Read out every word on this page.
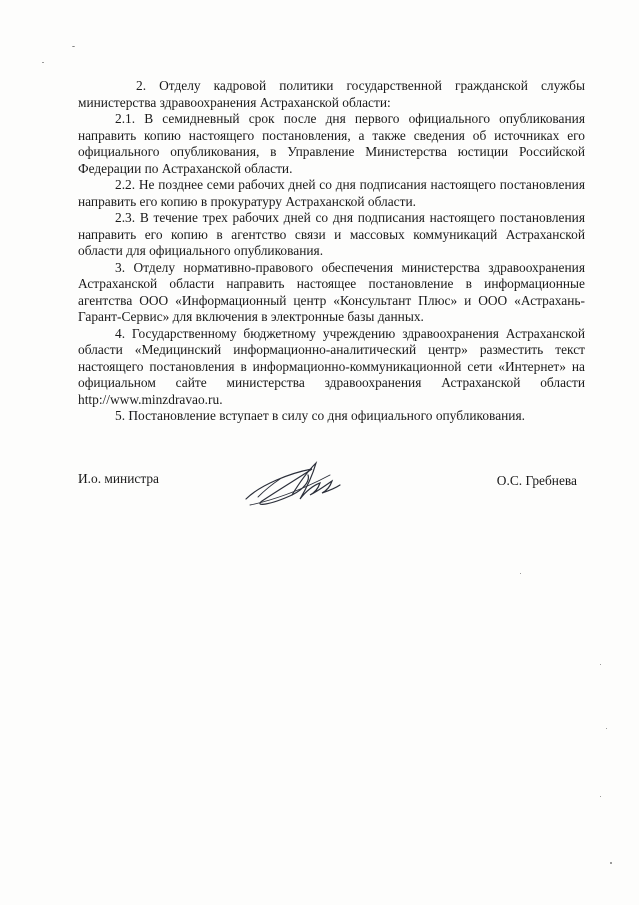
2. Отделу кадровой политики государственной гражданской службы министерства здравоохранения Астраханской области:

2.1. В семидневный срок после дня первого официального опубликования направить копию настоящего постановления, а также сведения об источниках его официального опубликования, в Управление Министерства юстиции Российской Федерации по Астраханской области.

2.2. Не позднее семи рабочих дней со дня подписания настоящего постановления направить его копию в прокуратуру Астраханской области.

2.3. В течение трех рабочих дней со дня подписания настоящего постановления направить его копию в агентство связи и массовых коммуникаций Астраханской области для официального опубликования.

3. Отделу нормативно-правового обеспечения министерства здравоохранения Астраханской области направить настоящее постановление в информационные агентства ООО «Информационный центр «Консультант Плюс» и ООО «Астрахань-Гарант-Сервис» для включения в электронные базы данных.

4. Государственному бюджетному учреждению здравоохранения Астраханской области «Медицинский информационно-аналитический центр» разместить текст настоящего постановления в информационно-коммуникационной сети «Интернет» на официальном сайте министерства здравоохранения Астраханской области http://www.minzdravao.ru.

5. Постановление вступает в силу со дня официального опубликования.

И.о. министра	О.С. Гребнева
